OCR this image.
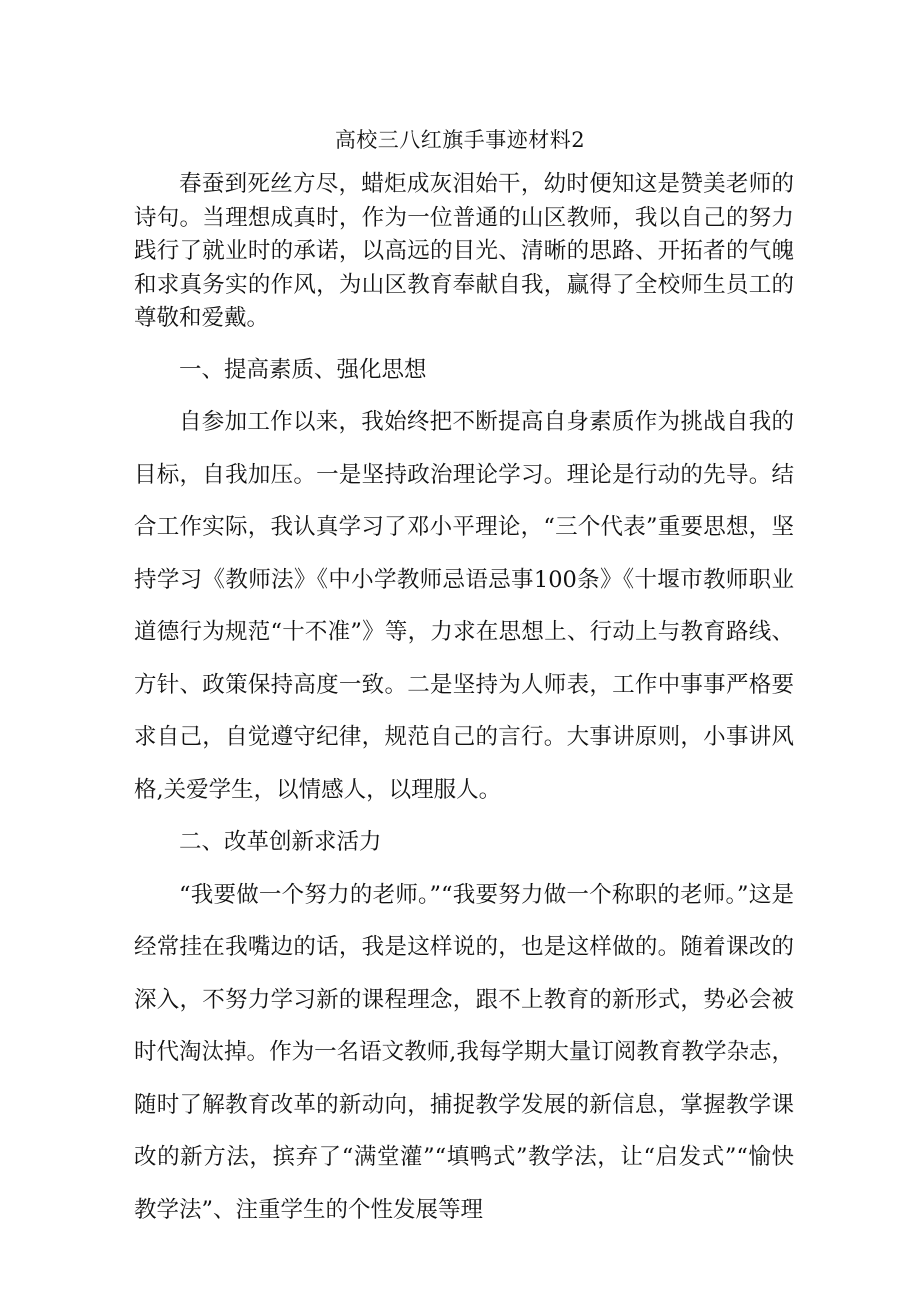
高校三八红旗手事迹材料2

春蚕到死丝方尽，蜡炬成灰泪始干，幼时便知这是赞美老师的诗句。当理想成真时，作为一位普通的山区教师，我以自己的努力践行了就业时的承诺，以高远的目光、清晰的思路、开拓者的气魄和求真务实的作风，为山区教育奉献自我，赢得了全校师生员工的尊敬和爱戴。

一、提高素质、强化思想

自参加工作以来，我始终把不断提高自身素质作为挑战自我的目标，自我加压。一是坚持政治理论学习。理论是行动的先导。结合工作实际，我认真学习了邓小平理论，“三个代表”重要思想，坚持学习《教师法》《中小学教师忌语忌事100条》《十堰市教师职业道德行为规范“十不准”》等，力求在思想上、行动上与教育路线、方针、政策保持高度一致。二是坚持为人师表，工作中事事严格要求自己，自觉遵守纪律，规范自己的言行。大事讲原则，小事讲风格,关爱学生，以情感人，以理服人。

二、改革创新求活力

“我要做一个努力的老师。”“我要努力做一个称职的老师。”这是经常挂在我嘴边的话，我是这样说的，也是这样做的。随着课改的深入，不努力学习新的课程理念，跟不上教育的新形式，势必会被时代淘汰掉。作为一名语文教师,我每学期大量订阅教育教学杂志，随时了解教育改革的新动向，捕捉教学发展的新信息，掌握教学课改的新方法，摈弃了“满堂灌”“填鸭式”教学法，让“启发式”“愉快教学法”、注重学生的个性发展等理
